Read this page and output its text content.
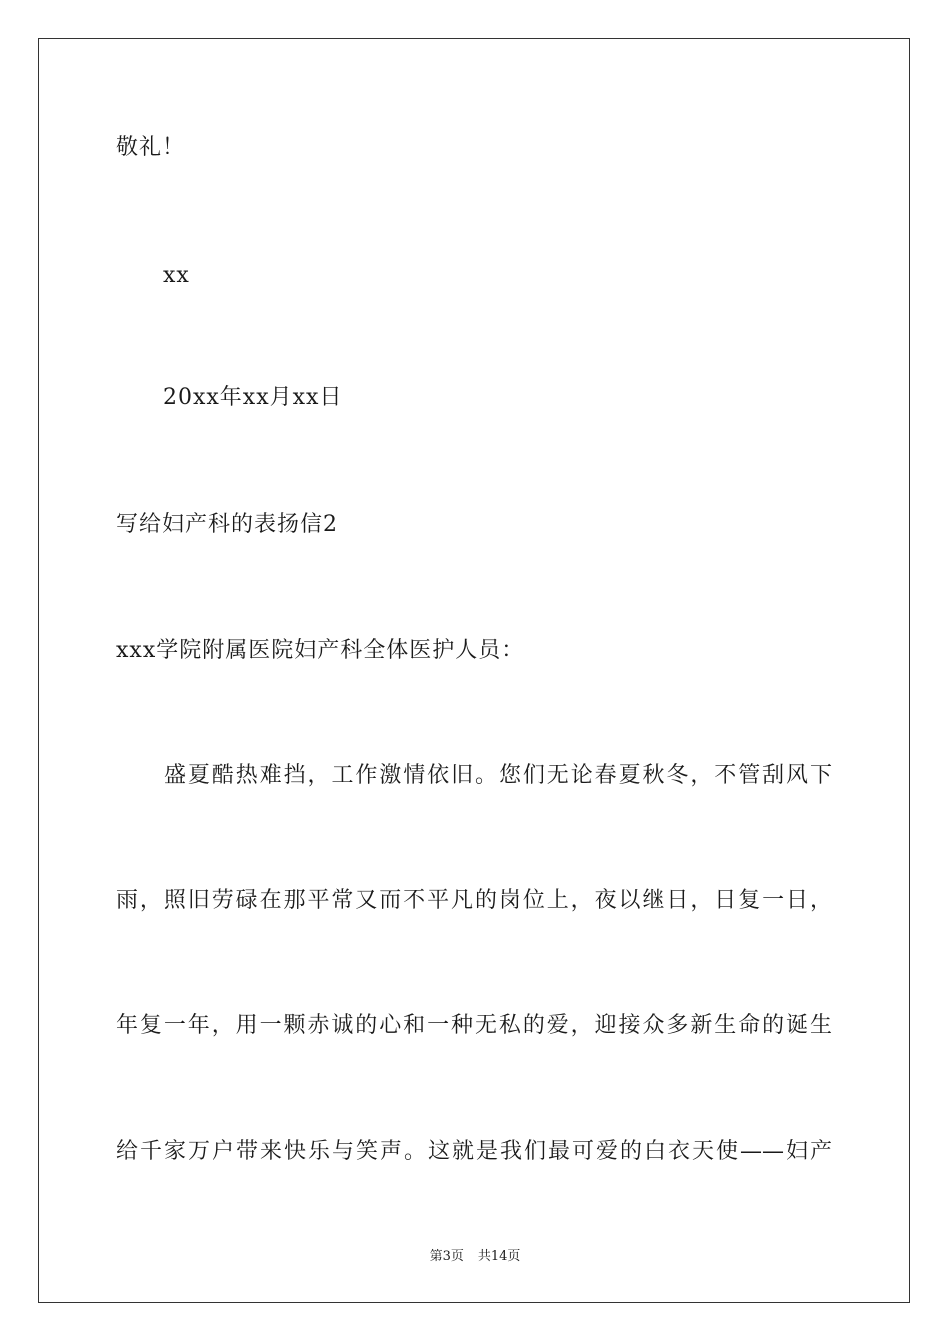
敬礼！
xx
20xx年xx月xx日
写给妇产科的表扬信2
xxx学院附属医院妇产科全体医护人员：
盛夏酷热难挡，工作激情依旧。您们无论春夏秋冬，不管刮风下
雨，照旧劳碌在那平常又而不平凡的岗位上，夜以继日，日复一日，
年复一年，用一颗赤诚的心和一种无私的爱，迎接众多新生命的诞生
给千家万户带来快乐与笑声。这就是我们最可爱的白衣天使——妇产
第3页 共14页
